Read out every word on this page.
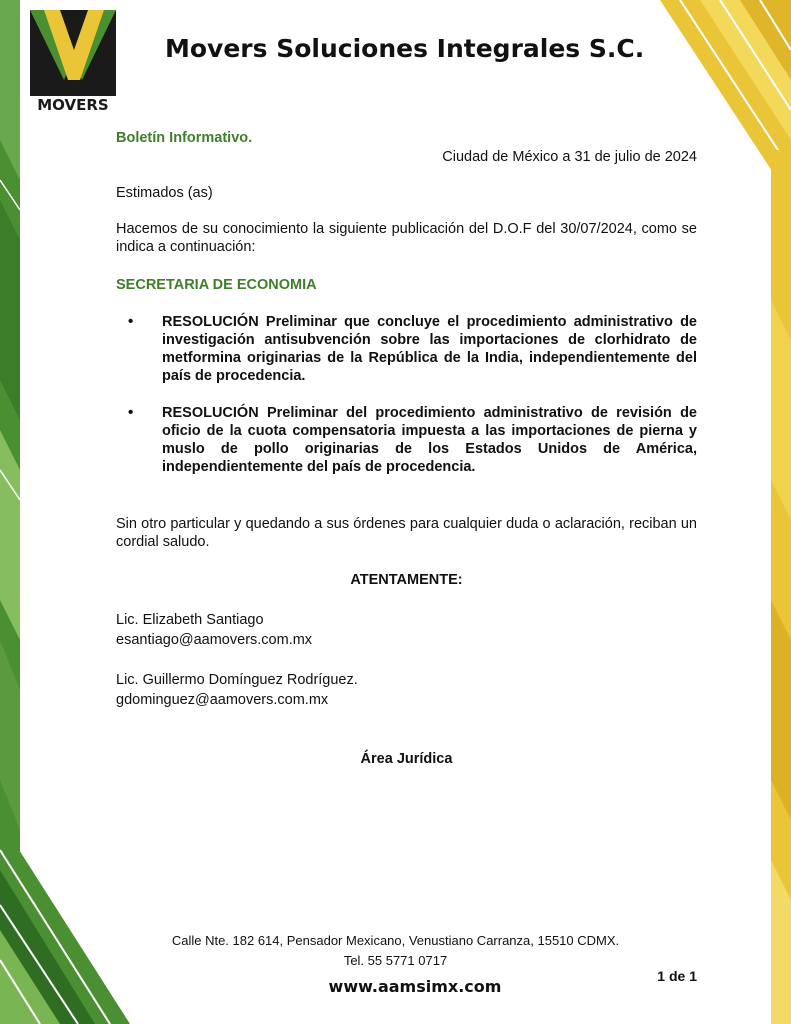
MOVERS
Movers Soluciones Integrales S.C.
Boletín Informativo.
Ciudad de México a 31 de julio de 2024
Estimados (as)
Hacemos de su conocimiento la siguiente publicación del D.O.F del 30/07/2024, como se indica a continuación:
SECRETARIA DE ECONOMIA
• RESOLUCIÓN Preliminar que concluye el procedimiento administrativo de investigación antisubvención sobre las importaciones de clorhidrato de metformina originarias de la República de la India, independientemente del país de procedencia.
• RESOLUCIÓN Preliminar del procedimiento administrativo de revisión de oficio de la cuota compensatoria impuesta a las importaciones de pierna y muslo de pollo originarias de los Estados Unidos de América, independientemente del país de procedencia.
Sin otro particular y quedando a sus órdenes para cualquier duda o aclaración, reciban un cordial saludo.
ATENTAMENTE:
Lic. Elizabeth Santiago
esantiago@aamovers.com.mx
Lic. Guillermo Domínguez Rodríguez.
gdominguez@aamovers.com.mx
Área Jurídica
Calle Nte. 182 614, Pensador Mexicano, Venustiano Carranza, 15510 CDMX.
Tel. 55 5771 0717
1 de 1
www.aamsimx.com
